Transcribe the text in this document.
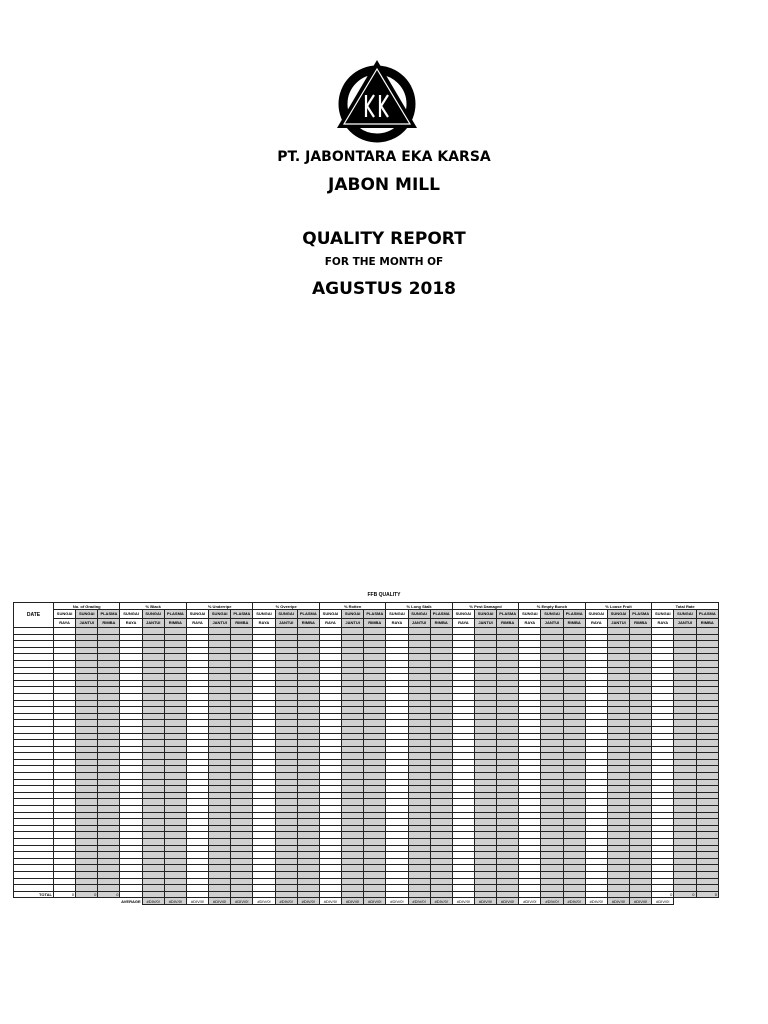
PT. JABONTARA EKA KARSA
JABON MILL
QUALITY REPORT
FOR THE MONTH OF
AGUSTUS 2018
FFB QUALITY
DATE	No. of Grading			% Black			% Underripe			% Overripe			% Rotten			% Long Stalk			% Pest Damaged			% Empty Bunch			% Loose Fruit			Total Rate		
	SUNGAI	SUNGAI	PLASMA	SUNGAI	SUNGAI	PLASMA	SUNGAI	SUNGAI	PLASMA	SUNGAI	SUNGAI	PLASMA	SUNGAI	SUNGAI	PLASMA	SUNGAI	SUNGAI	PLASMA	SUNGAI	SUNGAI	PLASMA	SUNGAI	SUNGAI	PLASMA	SUNGAI	SUNGAI	PLASMA	SUNGAI	SUNGAI	PLASMA
	RAYA	JANTUI	RIMBA	RAYA	JANTUI	RIMBA	RAYA	JANTUI	RIMBA	RAYA	JANTUI	RIMBA	RAYA	JANTUI	RIMBA	RAYA	JANTUI	RIMBA	RAYA	JANTUI	RIMBA	RAYA	JANTUI	RIMBA	RAYA	JANTUI	RIMBA	RAYA	JANTUI	RIMBA

TOTAL	0	0	0																									0	0	0
AVERAGE					#DIV/0!	#DIV/0!	#DIV/0!	#DIV/0!	#DIV/0!	#DIV/0!	#DIV/0!	#DIV/0!	#DIV/0!	#DIV/0!	#DIV/0!	#DIV/0!	#DIV/0!	#DIV/0!	#DIV/0!	#DIV/0!	#DIV/0!	#DIV/0!	#DIV/0!	#DIV/0!	#DIV/0!	#DIV/0!	#DIV/0!	#DIV/0!		
